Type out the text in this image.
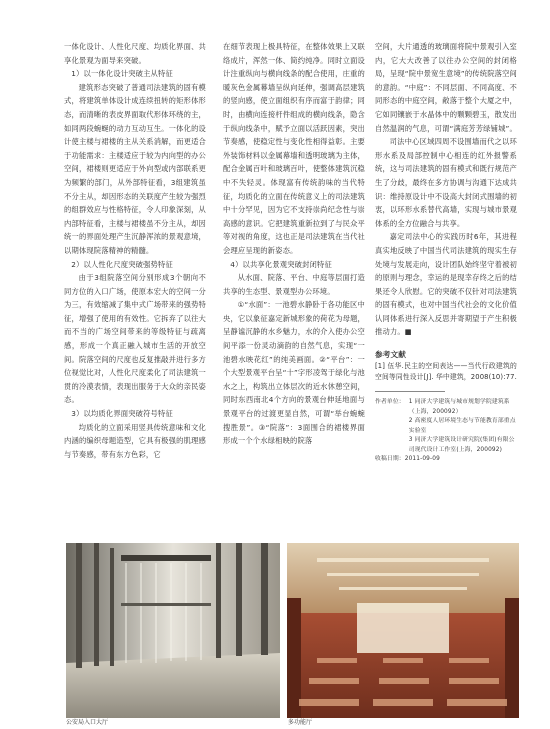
一体化设计、人性化尺度、均质化界面、共享化景观为面导来突破。

1）以一体化设计突破主从特征

建筑形态突破了普通司法建筑的固有模式，将建筑单体设计成连续扭转的矩形体形态，而清晰的表皮界面取代形体环绕的主，如同两段蜿蜒的动力互动互生。一体化的设计使主楼与裙楼的主从关系消解，而更适合于功能需求：主楼适应于较为内向型的办公空间，裙楼则更适应于外向型或内部联系更为频繁的部门，从外部特征看，3组建筑虽不分主从，却因形态的关联度产生较为强烈的组群效应与性格特征，令人印象深刻，从内部特征看，主楼与裙楼虽不分主从，却因统一的界面处理产生沉静浑浓的景观意境，以期体现院落精神的精髓。

2）以人性化尺度突破强势特征

由于3组院落空间分别形成3个朝向不同方位的入口广场，使原本宏大的空间一分为三，有效缩减了集中式广场带来的强势特征，增强了使用的有效性。它拆弃了以往大而不当的广场空间带来的等级特征与疏离感，形成一个真正融入城市生活的开放空间。院落空间的尺度也反复推敲并进行多方位视觉比对，人性化尺度柔化了司法建筑一贯的冷漠表情，表现出服务于大众的亲民姿态。

3）以均质化界面突破符号特征

均质化的立面采用竖具传统意味和文化内涵的编织母题造型，它具有极强的肌理感与节奏感，带有东方色彩，它

在细节表现上极具特征，在整体效果上又联络成片，浑然一体、简约纯净。同时立面设计注重纵向与横向线条的配合使用，庄重的暖灰色金属幕墙呈纵向延伸，强调高层建筑的竖向感，使立面组织有序而富于韵律；同时，由横向连接杆件组成的横向线条，隐含于纵向线条中，赋予立面以活跃因素，突出节奏感，使稳定性与变化性相得益彰。主要外装饰材料以金属幕墙和透明玻璃为主体，配合金属百叶和玻璃百叶，使整体建筑沉稳中不失轻灵。体现富有传统韵味的当代特征，均质化的立面在传统意义上的司法建筑中十分罕见，因为它不支持崇尚纪念性与崇高感的意识。它把建筑重新拉到了与民众平等对视的角度，这也正是司法建筑在当代社会理应呈现的新姿态。

4）以共享化景观突破封闭特征

从水面、院落、平台、中庭等层面打造共享的生态型、景观型办公环境。

①“水面”：一池碧水静卧于各功能区中央，它以象征嘉定新城形象的荷花为母题，呈静谧沉静的水乡魅力，水的介入使办公空间平添一份灵动滴韵的自然气息，实现“一池碧水映花红”的纯美画面。②“平台”：一个大型景观平台呈“十”字形凌驾于绿化与池水之上，构筑出立体层次的近水休憩空间，同时东西南北4个方向的景观台伸延地面与景观平台的过渡更显自然，可谓“举台蜿蜿搜胜景”。③“院落”：3面围合的裙楼界面形成一个个水绿相映的院落

空间，大片通透的玻璃面将院中景观引入室内，它大大改善了以往办公空间的封闭格局，呈现“院中景宽生意境”的传统院落空间的意韵。“中庭”：不同层面、不同高度、不同形态的中庭空间，敞落于整个大厦之中，它如同镶嵌于水晶体中的颗颗碧玉，散发出自然温润的气息，可谓“满庭芳芳绿铺城”。

司法中心区域四周不设围墙而代之以环形水系及局部控制中心相连的红外报警系统，这与司法建筑的固有模式和既行规范产生了分歧，最终在多方协调与沟通下达成共识：维持原设计中不设高大封闭式围墙的初衷，以环形水系替代高墙，实现与城市景观体系的全方位融合与共享。

嘉定司法中心的实践历时6年，其进程真实地反映了中国当代司法建筑的现实生存处境与发展走向，设计团队始终坚守着被初的原则与理念，幸运的是现幸存终之后的结果还令人欣慰。它的突破不仅针对司法建筑的固有模式，也对中国当代社会的文化价值认同体系进行深入反思并寄期望于产生积极推动力。■

参考文献

[1] 伍华.民主的空间表达——当代行政建筑的空间等同性设计[J]. 华中建筑，2008(10):77.

作者单位： 1 同济大学建筑与城市规划学院建筑系（上海，200092）
2 高密度人居环境生态与节能教育部重点实验室
3 同济大学建筑设计研究院(集团)有限公司现代设计工作室(上海，200092)
收稿日期：2011-09-09
公安局入口大厅	多功能厅
